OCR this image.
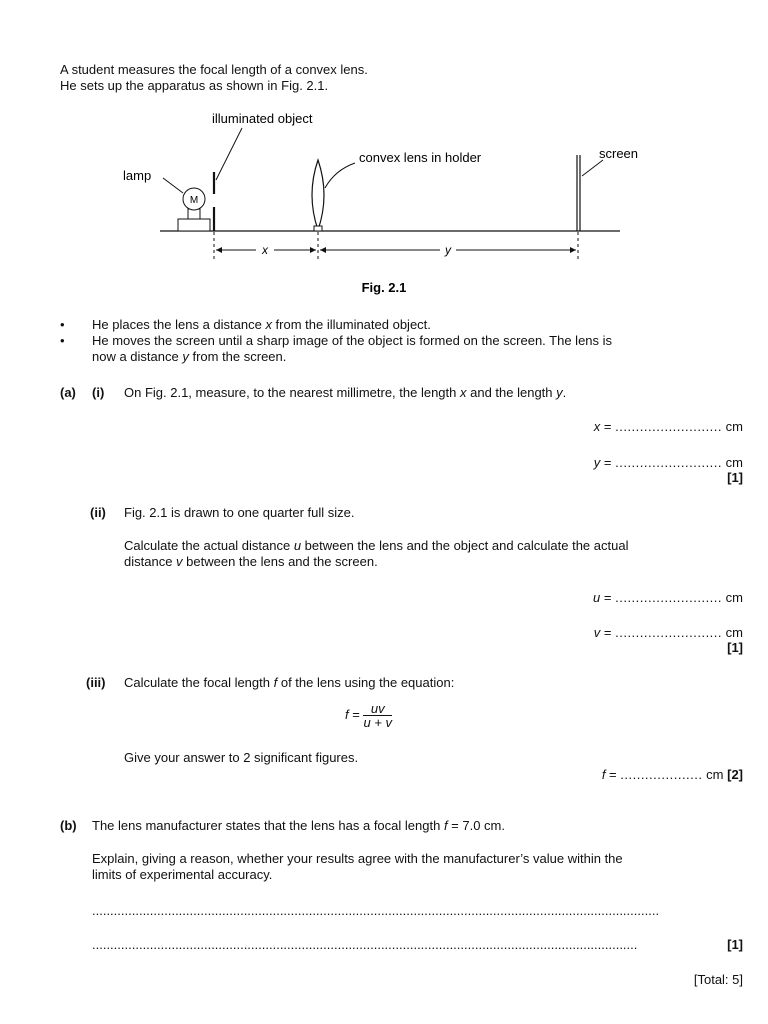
A student measures the focal length of a convex lens.
He sets up the apparatus as shown in Fig. 2.1.
M
illuminated object
lamp
convex lens in holder	screen
x	y
Fig. 2.1
• He places the lens a distance x from the illuminated object.
• He moves the screen until a sharp image of the object is formed on the screen. The lens is
now a distance y from the screen.
(a) (i) On Fig. 2.1, measure, to the nearest millimetre, the length x and the length y.
x = .......................... cm
y = .......................... cm
[1]
(ii) Fig. 2.1 is drawn to one quarter full size.
Calculate the actual distance u between the lens and the object and calculate the actual
distance v between the lens and the screen.
u = .......................... cm
v = .......................... cm
[1]
(iii) Calculate the focal length f of the lens using the equation:
$f = \frac{uv}{u + v}$
Give your answer to 2 significant figures.
f = .................... cm [2]
(b) The lens manufacturer states that the lens has a focal length f = 7.0 cm.
Explain, giving a reason, whether your results agree with the manufacturer’s value within the
limits of experimental accuracy.
.............................................................................................................................................................
.......................................................................................................................................................	[1]
[Total: 5]
